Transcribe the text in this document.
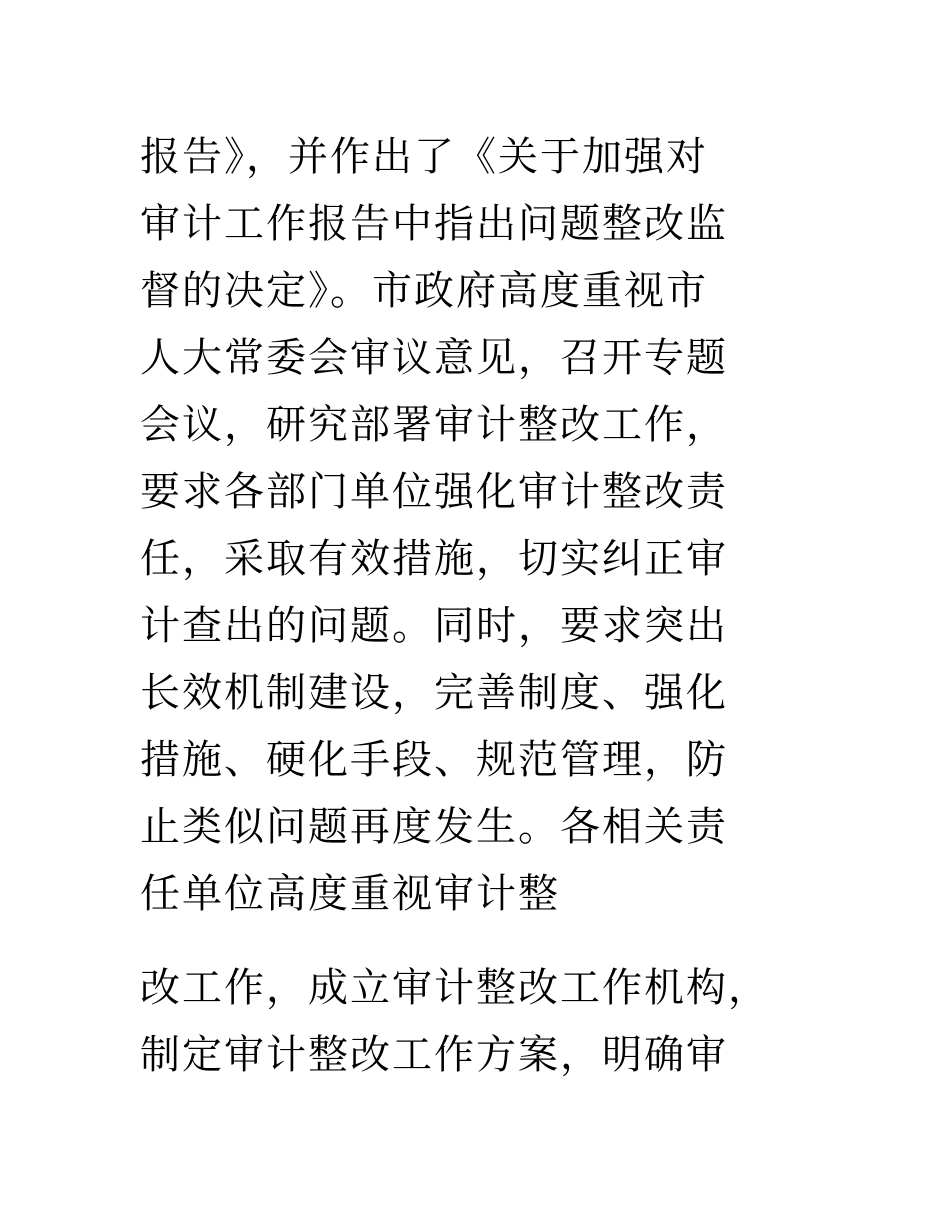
报告》，并作出了《关于加强对
审计工作报告中指出问题整改监
督的决定》。市政府高度重视市
人大常委会审议意见，召开专题
会议，研究部署审计整改工作，
要求各部门单位强化审计整改责
任，采取有效措施，切实纠正审
计查出的问题。同时，要求突出
长效机制建设，完善制度、强化
措施、硬化手段、规范管理，防
止类似问题再度发生。各相关责
任单位高度重视审计整
改工作，成立审计整改工作机构，
制定审计整改工作方案，明确审
